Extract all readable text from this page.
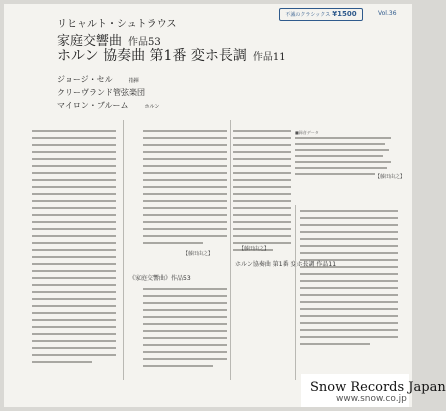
リヒャルト・シュトラウス
家庭交響曲 作品53
ホルン 協奏曲 第1番 変ホ長調 作品11
ジョージ・セル	指揮
クリーヴランド管弦楽団
マイロン・ブルーム	ホルン
不滅のクラシックス ¥1500	Vol.36
■録音データ
【藤田由之】
【藤田由之】
《家庭交響曲》作品53
ホルン協奏曲 第1番 変ホ長調 作品11
【藤田由之】
Snow Records Japan
www.snow.co.jp
